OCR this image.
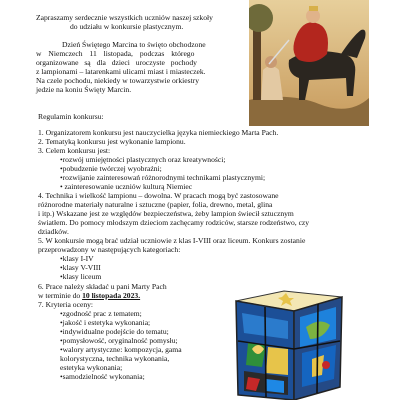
Zapraszamy serdecznie wszystkich uczniów naszej szkoły

do udziału w konkursie plastycznym.

Dzień Świętego Marcina to święto obchodzone

w Niemczech 11 listopada, podczas którego

organizowane są dla dzieci uroczyste pochody

z lampionami – latarenkami ulicami miast i miasteczek.

Na czele pochodu, niekiedy w towarzystwie orkiestry

jedzie na koniu Święty Marcin.

Regulamin konkursu:

1. Organizatorem konkursu jest nauczycielka języka niemieckiego Marta Pach.

2. Tematyką konkursu jest wykonanie lampionu.

3. Celem konkursu jest:

•rozwój umiejętności plastycznych oraz kreatywności;

•pobudzenie twórczej wyobraźni;

•rozwijanie zainteresowań różnorodnymi technikami plastycznymi;

• zainteresowanie uczniów kulturą Niemiec

4. Technika i wielkość lampionu – dowolna. W pracach mogą być zastosowane

różnorodne materiały naturalne i sztuczne (papier, folia, drewno, metal, glina

i itp.) Wskazane jest ze względów bezpieczeństwa, żeby lampion świecił sztucznym

światłem. Do pomocy młodszym dzieciom zachęcamy rodziców, starsze rodzeństwo, czy

dziadków.

5. W konkursie mogą brać udział uczniowie z klas I-VIII oraz liceum. Konkurs zostanie

przeprowadzony w następujących kategoriach:

•klasy I-IV

•klasy V-VIII

•klasy liceum

6. Prace należy składać u pani Marty Pach

w terminie do 10 listopada 2023.

7. Kryteria oceny:

•zgodność prac z tematem;

•jakość i estetyka wykonania;

•indywidualne podejście do tematu;

•pomysłowość, oryginalność pomysłu;

•walory artystyczne: kompozycja, gama

kolorystyczna, technika wykonania,

estetyka wykonania;

•samodzielność wykonania;
